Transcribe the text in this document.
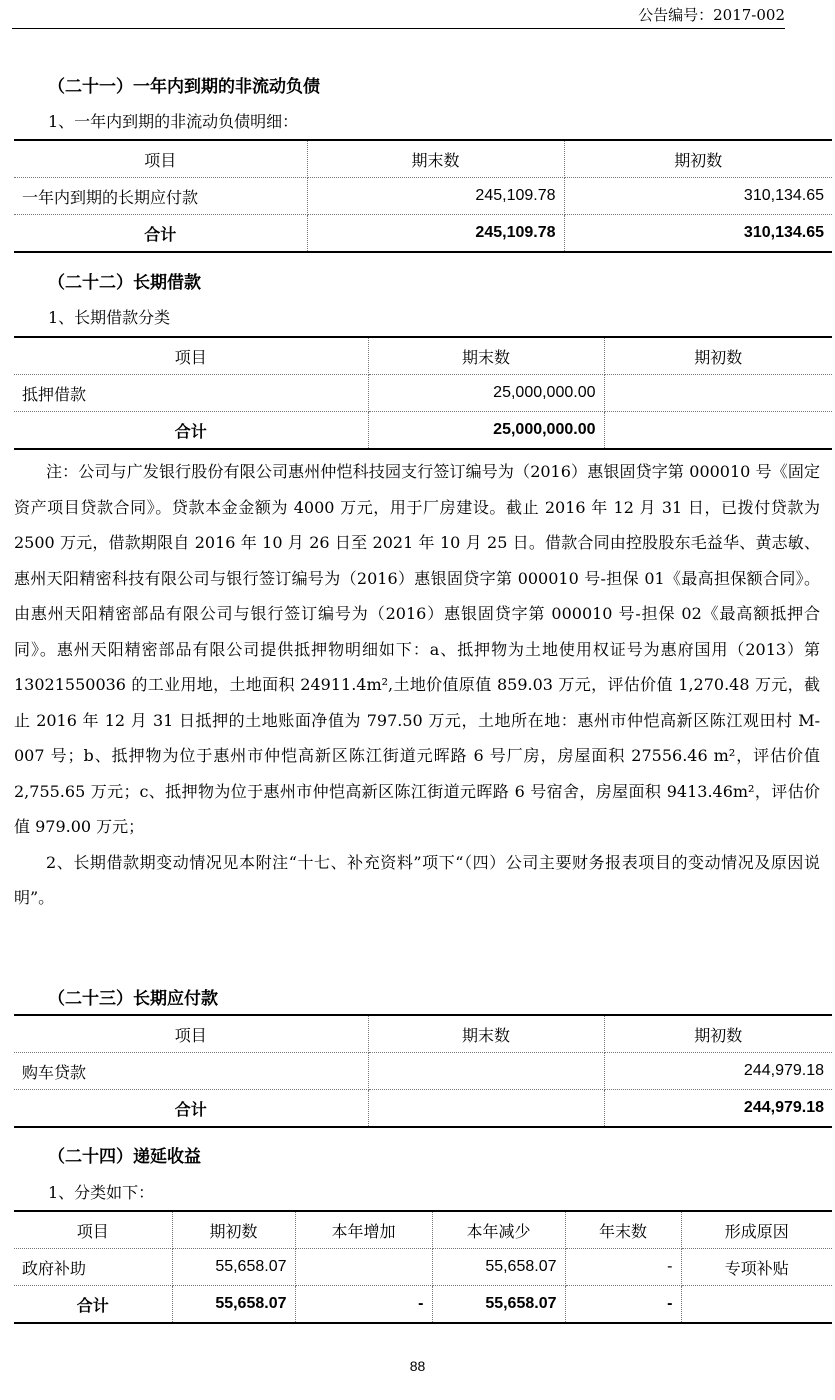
公告编号：2017-002
（二十一）一年内到期的非流动负债
1、一年内到期的非流动负债明细：
项目	期末数	期初数
一年内到期的长期应付款	245,109.78	310,134.65
合计	245,109.78	310,134.65
（二十二）长期借款
1、长期借款分类
项目	期末数	期初数
抵押借款	25,000,000.00	
合计	25,000,000.00	

注：公司与广发银行股份有限公司惠州仲恺科技园支行签订编号为（2016）惠银固贷字第 000010 号《固定资产项目贷款合同》。贷款本金金额为 4000 万元，用于厂房建设。截止 2016 年 12 月 31 日，已拨付贷款为 2500 万元，借款期限自 2016 年 10 月 26 日至 2021 年 10 月 25 日。借款合同由控股股东毛益华、黄志敏、惠州天阳精密科技有限公司与银行签订编号为（2016）惠银固贷字第 000010 号-担保 01《最高担保额合同》。由惠州天阳精密部品有限公司与银行签订编号为（2016）惠银固贷字第 000010 号-担保 02《最高额抵押合同》。惠州天阳精密部品有限公司提供抵押物明细如下：a、抵押物为土地使用权证号为惠府国用（2013）第 13021550036 的工业用地，土地面积 24911.4m²,土地价值原值 859.03 万元，评估价值 1,270.48 万元，截止 2016 年 12 月 31 日抵押的土地账面净值为 797.50 万元，土地所在地：惠州市仲恺高新区陈江观田村 M-007 号；b、抵押物为位于惠州市仲恺高新区陈江街道元晖路 6 号厂房，房屋面积 27556.46 m²，评估价值 2,755.65 万元；c、抵押物为位于惠州市仲恺高新区陈江街道元晖路 6 号宿舍，房屋面积 9413.46m²，评估价值 979.00 万元；

2、长期借款期变动情况见本附注“十七、补充资料”项下“（四）公司主要财务报表项目的变动情况及原因说明”。

（二十三）长期应付款
项目	期末数	期初数
购车贷款		244,979.18
合计		244,979.18
（二十四）递延收益
1、分类如下：
项目	期初数	本年增加	本年减少	年末数	形成原因
政府补助	55,658.07		55,658.07	-	专项补贴
合计	55,658.07	-	55,658.07	-	
88
